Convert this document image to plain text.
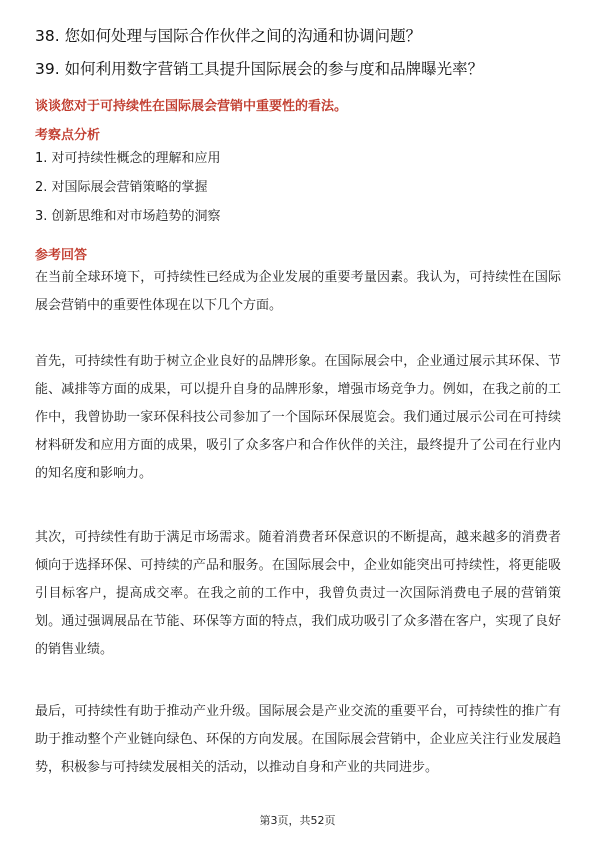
38. 您如何处理与国际合作伙伴之间的沟通和协调问题？
39. 如何利用数字营销工具提升国际展会的参与度和品牌曝光率？
谈谈您对于可持续性在国际展会营销中重要性的看法。
考察点分析
1. 对可持续性概念的理解和应用
2. 对国际展会营销策略的掌握
3. 创新思维和对市场趋势的洞察
参考回答

在当前全球环境下，可持续性已经成为企业发展的重要考量因素。我认为，可持续性在国际展会营销中的重要性体现在以下几个方面。

首先，可持续性有助于树立企业良好的品牌形象。在国际展会中，企业通过展示其环保、节能、减排等方面的成果，可以提升自身的品牌形象，增强市场竞争力。例如，在我之前的工作中，我曾协助一家环保科技公司参加了一个国际环保展览会。我们通过展示公司在可持续材料研发和应用方面的成果，吸引了众多客户和合作伙伴的关注，最终提升了公司在行业内的知名度和影响力。

其次，可持续性有助于满足市场需求。随着消费者环保意识的不断提高，越来越多的消费者倾向于选择环保、可持续的产品和服务。在国际展会中，企业如能突出可持续性，将更能吸引目标客户，提高成交率。在我之前的工作中，我曾负责过一次国际消费电子展的营销策划。通过强调展品在节能、环保等方面的特点，我们成功吸引了众多潜在客户，实现了良好的销售业绩。

最后，可持续性有助于推动产业升级。国际展会是产业交流的重要平台，可持续性的推广有助于推动整个产业链向绿色、环保的方向发展。在国际展会营销中，企业应关注行业发展趋势，积极参与可持续发展相关的活动，以推动自身和产业的共同进步。

第3页，共52页
